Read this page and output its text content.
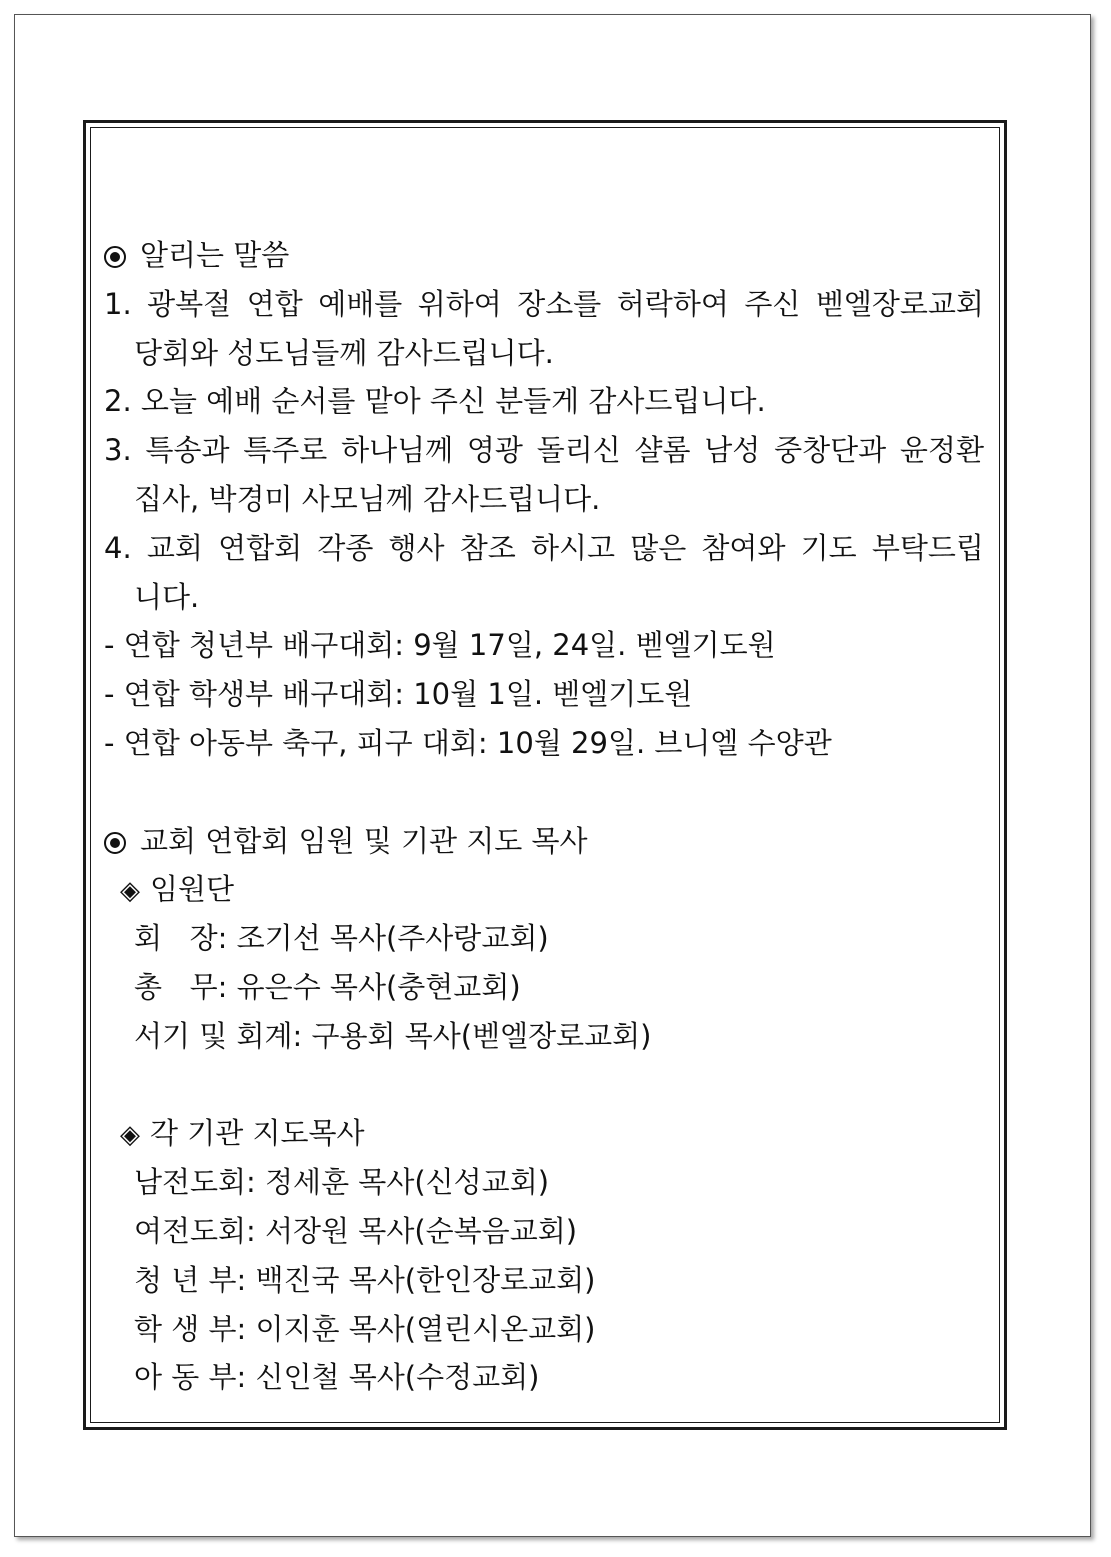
알리는 말씀
1. 광복절 연합 예배를 위하여 장소를 허락하여 주신 벧엘장로교회
당회와 성도님들께 감사드립니다.
2. 오늘 예배 순서를 맡아 주신 분들게 감사드립니다.
3. 특송과 특주로 하나님께 영광 돌리신 샬롬 남성 중창단과 윤정환
집사, 박경미 사모님께 감사드립니다.
4. 교회 연합회 각종 행사 참조 하시고 많은 참여와 기도 부탁드립
니다.
- 연합 청년부 배구대회: 9월 17일, 24일. 벧엘기도원
- 연합 학생부 배구대회: 10월 1일. 벧엘기도원
- 연합 아동부 축구, 피구 대회: 10월 29일. 브니엘 수양관
교회 연합회 임원 및 기관 지도 목사
◈ 임원단
회   장: 조기선 목사(주사랑교회)
총   무: 유은수 목사(충현교회)
서기 및 회계: 구용회 목사(벧엘장로교회)
◈ 각 기관 지도목사
남전도회: 정세훈 목사(신성교회)
여전도회: 서장원 목사(순복음교회)
청 년 부: 백진국 목사(한인장로교회)
학 생 부: 이지훈 목사(열린시온교회)
아 동 부: 신인철 목사(수정교회)
